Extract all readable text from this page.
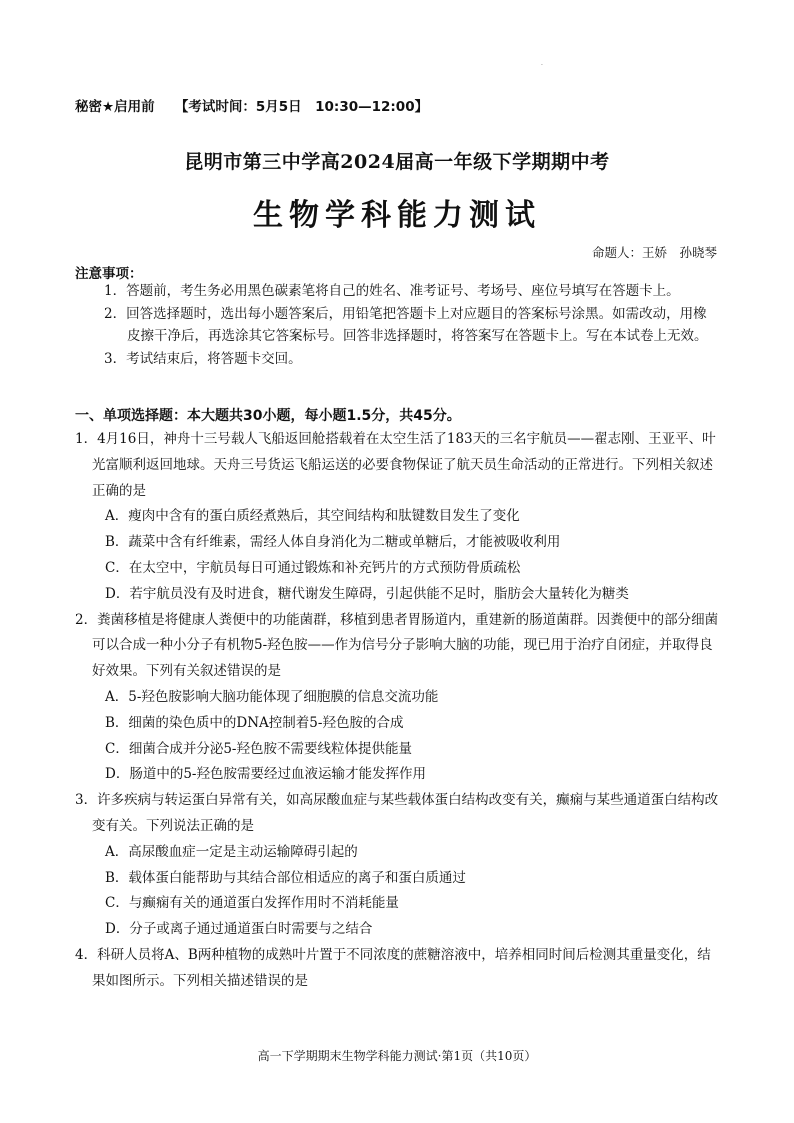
.
秘密★启用前　　【考试时间：5月5日　10:30—12:00】
昆明市第三中学高2024届高一年级下学期期中考
生物学科能力测试
命题人：王娇　孙晓琴
注意事项：
1．答题前，考生务必用黑色碳素笔将自己的姓名、准考证号、考场号、座位号填写在答题卡上。
2．回答选择题时，选出每小题答案后，用铅笔把答题卡上对应题目的答案标号涂黑。如需改动，用橡皮擦干净后，再选涂其它答案标号。回答非选择题时，将答案写在答题卡上。写在本试卷上无效。
3．考试结束后，将答题卡交回。
一、单项选择题：本大题共30小题，每小题1.5分，共45分。

1．4月16日，神舟十三号载人飞船返回舱搭载着在太空生活了183天的三名宇航员——翟志刚、王亚平、叶光富顺利返回地球。天舟三号货运飞船运送的必要食物保证了航天员生命活动的正常进行。下列相关叙述正确的是

A．瘦肉中含有的蛋白质经煮熟后，其空间结构和肽键数目发生了变化

B．蔬菜中含有纤维素，需经人体自身消化为二糖或单糖后，才能被吸收利用

C．在太空中，宇航员每日可通过锻炼和补充钙片的方式预防骨质疏松

D．若宇航员没有及时进食，糖代谢发生障碍，引起供能不足时，脂肪会大量转化为糖类

2．粪菌移植是将健康人粪便中的功能菌群，移植到患者胃肠道内，重建新的肠道菌群。因粪便中的部分细菌可以合成一种小分子有机物5-羟色胺——作为信号分子影响大脑的功能，现已用于治疗自闭症，并取得良好效果。下列有关叙述错误的是

A．5-羟色胺影响大脑功能体现了细胞膜的信息交流功能

B．细菌的染色质中的DNA控制着5-羟色胺的合成

C．细菌合成并分泌5-羟色胺不需要线粒体提供能量

D．肠道中的5-羟色胺需要经过血液运输才能发挥作用

3．许多疾病与转运蛋白异常有关，如高尿酸血症与某些载体蛋白结构改变有关，癫痫与某些通道蛋白结构改变有关。下列说法正确的是

A．高尿酸血症一定是主动运输障碍引起的

B．载体蛋白能帮助与其结合部位相适应的离子和蛋白质通过

C．与癫痫有关的通道蛋白发挥作用时不消耗能量

D．分子或离子通过通道蛋白时需要与之结合

4．科研人员将A、B两种植物的成熟叶片置于不同浓度的蔗糖溶液中，培养相同时间后检测其重量变化，结果如图所示。下列相关描述错误的是

高一下学期期末生物学科能力测试·第1页（共10页）
